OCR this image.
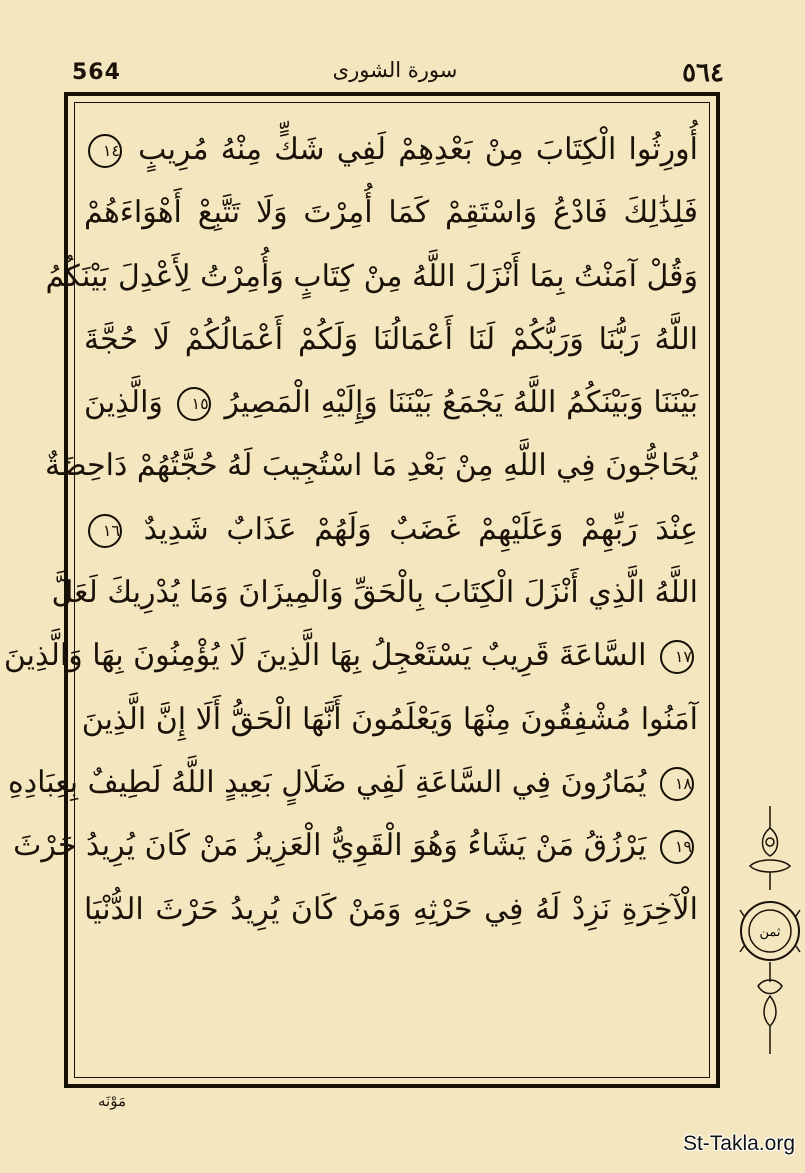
564	سورة الشورى	٥٦٤
أُورِثُوا الْكِتَابَ مِنْ بَعْدِهِمْ لَفِي شَكٍّ مِنْهُ مُرِيبٍ ١٤
فَلِذَٰلِكَ فَادْعُ وَاسْتَقِمْ كَمَا أُمِرْتَ وَلَا تَتَّبِعْ أَهْوَاءَهُمْ
وَقُلْ آمَنْتُ بِمَا أَنْزَلَ اللَّهُ مِنْ كِتَابٍ وَأُمِرْتُ لِأَعْدِلَ بَيْنَكُمُ
اللَّهُ رَبُّنَا وَرَبُّكُمْ لَنَا أَعْمَالُنَا وَلَكُمْ أَعْمَالُكُمْ لَا حُجَّةَ
بَيْنَنَا وَبَيْنَكُمُ اللَّهُ يَجْمَعُ بَيْنَنَا وَإِلَيْهِ الْمَصِيرُ ١٥ وَالَّذِينَ
يُحَاجُّونَ فِي اللَّهِ مِنْ بَعْدِ مَا اسْتُجِيبَ لَهُ حُجَّتُهُمْ دَاحِضَةٌ
عِنْدَ رَبِّهِمْ وَعَلَيْهِمْ غَضَبٌ وَلَهُمْ عَذَابٌ شَدِيدٌ ١٦
اللَّهُ الَّذِي أَنْزَلَ الْكِتَابَ بِالْحَقِّ وَالْمِيزَانَ وَمَا يُدْرِيكَ لَعَلَّ
١٧ السَّاعَةَ قَرِيبٌ يَسْتَعْجِلُ بِهَا الَّذِينَ لَا يُؤْمِنُونَ بِهَا وَالَّذِينَ
آمَنُوا مُشْفِقُونَ مِنْهَا وَيَعْلَمُونَ أَنَّهَا الْحَقُّ أَلَا إِنَّ الَّذِينَ
١٨ يُمَارُونَ فِي السَّاعَةِ لَفِي ضَلَالٍ بَعِيدٍ اللَّهُ لَطِيفٌ بِعِبَادِهِ
١٩ يَرْزُقُ مَنْ يَشَاءُ وَهُوَ الْقَوِيُّ الْعَزِيزُ مَنْ كَانَ يُرِيدُ حَرْثَ
الْآخِرَةِ نَزِدْ لَهُ فِي حَرْثِهِ وَمَنْ كَانَ يُرِيدُ حَرْثَ الدُّنْيَا
ثمن
مَوْنَه
St-Takla.org
